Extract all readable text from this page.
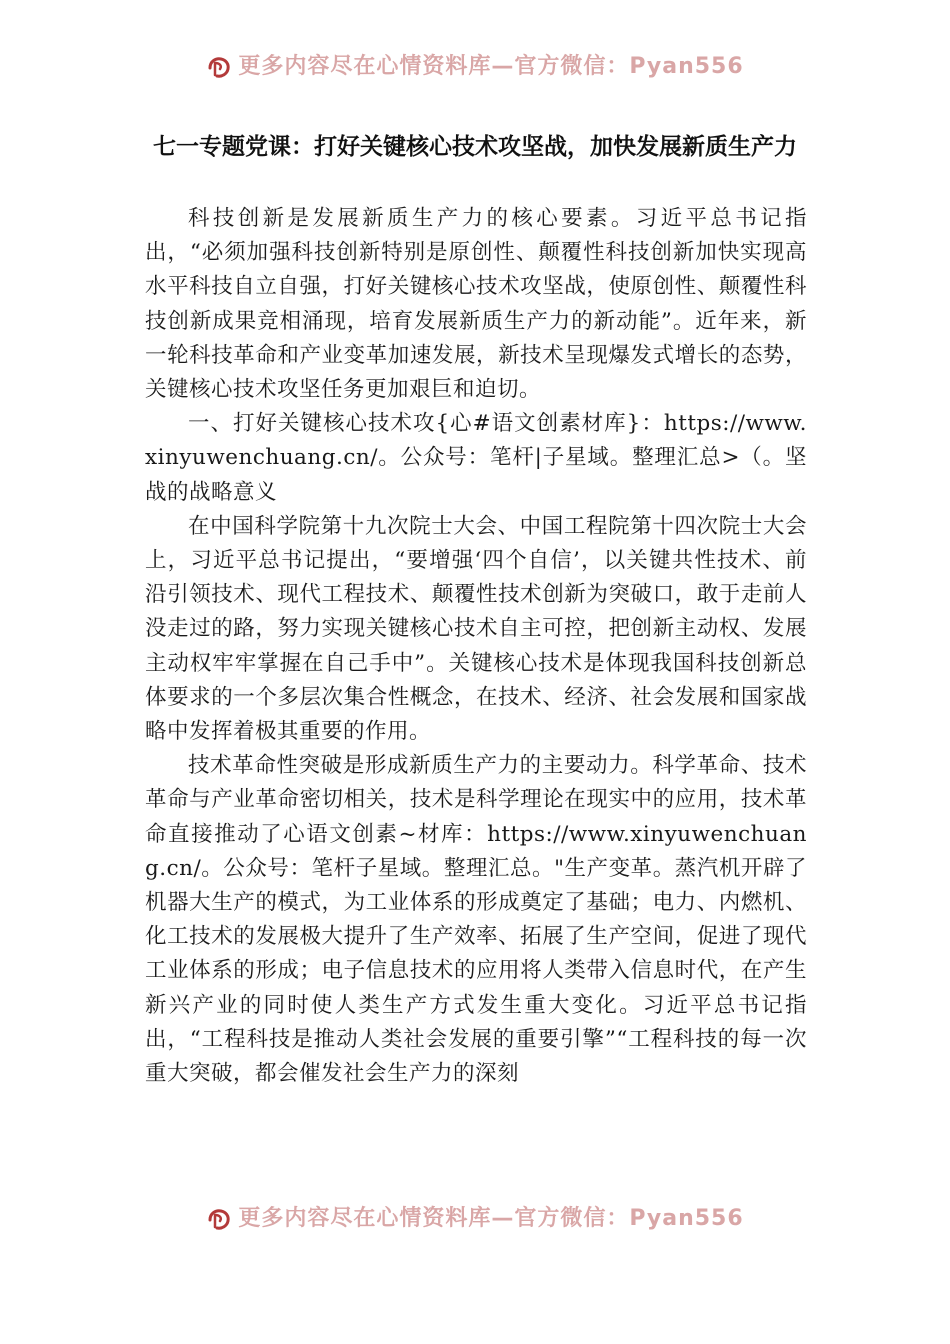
更多内容尽在心情资料库—官方微信：Pyan556
七一专题党课：打好关键核心技术攻坚战，加快发展新质生产力

科技创新是发展新质生产力的核心要素。习近平总书记指出，“必须加强科技创新特别是原创性、颠覆性科技创新加快实现高水平科技自立自强，打好关键核心技术攻坚战，使原创性、颠覆性科技创新成果竞相涌现，培育发展新质生产力的新动能”。近年来，新一轮科技革命和产业变革加速发展，新技术呈现爆发式增长的态势，关键核心技术攻坚任务更加艰巨和迫切。

一、打好关键核心技术攻{心#语文创素材库}：https://www.xinyuwenchuang.cn/。公众号：笔杆|子星域。整理汇总>（。坚战的战略意义

在中国科学院第十九次院士大会、中国工程院第十四次院士大会上，习近平总书记提出，“要增强‘四个自信’，以关键共性技术、前沿引领技术、现代工程技术、颠覆性技术创新为突破口，敢于走前人没走过的路，努力实现关键核心技术自主可控，把创新主动权、发展主动权牢牢掌握在自己手中”。关键核心技术是体现我国科技创新总体要求的一个多层次集合性概念，在技术、经济、社会发展和国家战略中发挥着极其重要的作用。

技术革命性突破是形成新质生产力的主要动力。科学革命、技术革命与产业革命密切相关，技术是科学理论在现实中的应用，技术革命直接推动了心语文创素~材库：https://www.xinyuwenchuang.cn/。公众号：笔杆子星域。整理汇总。"生产变革。蒸汽机开辟了机器大生产的模式，为工业体系的形成奠定了基础；电力、内燃机、化工技术的发展极大提升了生产效率、拓展了生产空间，促进了现代工业体系的形成；电子信息技术的应用将人类带入信息时代，在产生新兴产业的同时使人类生产方式发生重大变化。习近平总书记指出，“工程科技是推动人类社会发展的重要引擎”“工程科技的每一次重大突破，都会催发社会生产力的深刻

更多内容尽在心情资料库—官方微信：Pyan556
